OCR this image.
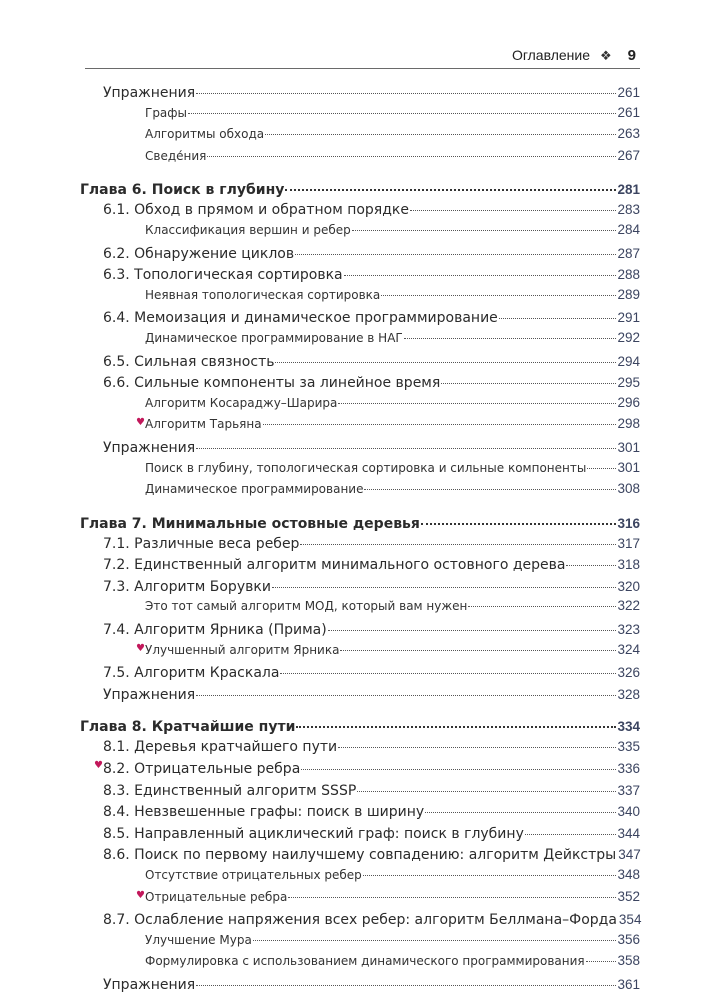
Оглавление ❖ 9
Упражнения	261
Графы	261
Алгоритмы обхода	263
Сведе́ния	267
Глава 6. Поиск в глубину	281
6.1. Обход в прямом и обратном порядке	283
Классификация вершин и ребер	284
6.2. Обнаружение циклов	287
6.3. Топологическая сортировка	288
Неявная топологическая сортировка	289
6.4. Мемоизация и динамическое программирование	291
Динамическое программирование в НАГ	292
6.5. Сильная связность	294
6.6. Сильные компоненты за линейное время	295
Алгоритм Косараджу–Шарира	296
♥ Алгоритм Тарьяна	298
Упражнения	301
Поиск в глубину, топологическая сортировка и сильные компоненты 301
Динамическое программирование	308
Глава 7. Минимальные остовные деревья	316
7.1. Различные веса ребер	317
7.2. Единственный алгоритм минимального остовного дерева	318
7.3. Алгоритм Борувки	320
Это тот самый алгоритм МОД, который вам нужен	322
7.4. Алгоритм Ярника (Прима)	323
♥ Улучшенный алгоритм Ярника	324
7.5. Алгоритм Краскала	326
Упражнения	328
Глава 8. Кратчайшие пути	334
8.1. Деревья кратчайшего пути	335
♥ 8.2. Отрицательные ребра	336
8.3. Единственный алгоритм SSSP	337
8.4. Невзвешенные графы: поиск в ширину	340
8.5. Направленный ациклический граф: поиск в глубину	344
8.6. Поиск по первому наилучшему совпадению: алгоритм Дейкстры 347
Отсутствие отрицательных ребер	348
♥ Отрицательные ребра	352
8.7. Ослабление напряжения всех ребер: алгоритм Беллмана–Форда 354
Улучшение Мура	356
Формулировка с использованием динамического программирования 358
Упражнения	361
